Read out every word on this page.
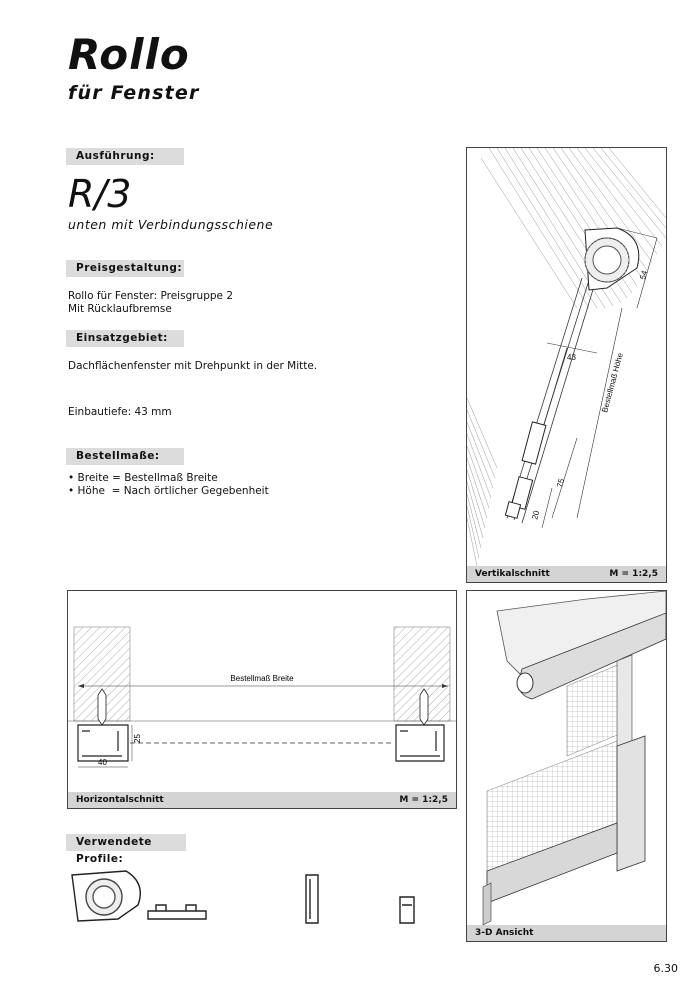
Rollo
für Fenster
Ausführung:
R/3
unten mit Verbindungsschiene
Preisgestaltung:
Rollo für Fenster: Preisgruppe 2
Mit Rücklaufbremse
Einsatzgebiet:
Dachflächenfenster mit Drehpunkt in der Mitte.
Einbautiefe: 43 mm
Bestellmaße:
• Breite = Bestellmaß Breite
• Höhe  = Nach örtlicher Gegebenheit
54
43	Bestellmaß Höhe
75
20
Vertikalschnitt	M = 1:2,5
Bestellmaß Breite
25
40
Horizontalschnitt	M = 1:2,5
3-D Ansicht
Verwendete Profile:
6.30
